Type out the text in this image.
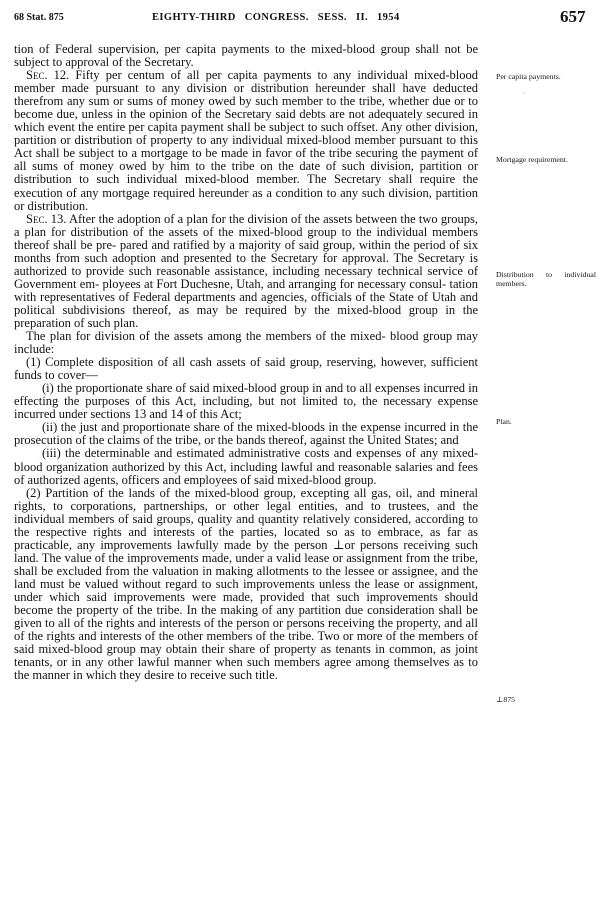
68 Stat. 875	EIGHTY-THIRD CONGRESS. SESS. II. 1954	657

tion of Federal supervision, per capita payments to the mixed-blood group shall not be subject to approval of the Secretary.

Sec. 12. Fifty per centum of all per capita payments to any individual mixed-blood member made pursuant to any division or distribution hereunder shall have deducted therefrom any sum or sums of money owed by such member to the tribe, whether due or to become due, unless in the opinion of the Secretary said debts are not adequately secured in which event the entire per capita payment shall be subject to such offset. Any other division, partition or distribution of property to any individual mixed-blood member pursuant to this Act shall be subject to a mortgage to be made in favor of the tribe securing the payment of all sums of money owed by him to the tribe on the date of such division, partition or distribution to such individual mixed-blood member. The Secretary shall require the execution of any mortgage required hereunder as a condition to any such division, partition or distribution.

Sec. 13. After the adoption of a plan for the division of the assets between the two groups, a plan for distribution of the assets of the mixed-blood group to the individual members thereof shall be pre- pared and ratified by a majority of said group, within the period of six months from such adoption and presented to the Secretary for approval. The Secretary is authorized to provide such reasonable assistance, including necessary technical service of Government em- ployees at Fort Duchesne, Utah, and arranging for necessary consul- tation with representatives of Federal departments and agencies, officials of the State of Utah and political subdivisions thereof, as may be required by the mixed-blood group in the preparation of such plan.

The plan for division of the assets among the members of the mixed- blood group may include:

(1) Complete disposition of all cash assets of said group, reserving, however, sufficient funds to cover—

(i) the proportionate share of said mixed-blood group in and to all expenses incurred in effecting the purposes of this Act, including, but not limited to, the necessary expense incurred under sections 13 and 14 of this Act;

(ii) the just and proportionate share of the mixed-bloods in the expense incurred in the prosecution of the claims of the tribe, or the bands thereof, against the United States; and

(iii) the determinable and estimated administrative costs and expenses of any mixed-blood organization authorized by this Act, including lawful and reasonable salaries and fees of authorized agents, officers and employees of said mixed-blood group.

(2) Partition of the lands of the mixed-blood group, excepting all gas, oil, and mineral rights, to corporations, partnerships, or other legal entities, and to trustees, and the individual members of said groups, quality and quantity relatively considered, according to the respective rights and interests of the parties, located so as to embrace, as far as practicable, any improvements lawfully made by the person ⊥or persons receiving such land. The value of the improvements made, under a valid lease or assignment from the tribe, shall be excluded from the valuation in making allotments to the lessee or assignee, and the land must be valued without regard to such improvements unless the lease or assignment, under which said improvements were made, provided that such improvements should become the property of the tribe. In the making of any partition due consideration shall be given to all of the rights and interests of the person or persons receiving the property, and all of the rights and interests of the other members of the tribe. Two or more of the members of said mixed-blood group may obtain their share of property as tenants in common, as joint tenants, or in any other lawful manner when such members agree among themselves as to the manner in which they desire to receive such title.

Per capita payments.
·
Mortgage requirement.
Distribution to individual members.
Plan.
⊥875
